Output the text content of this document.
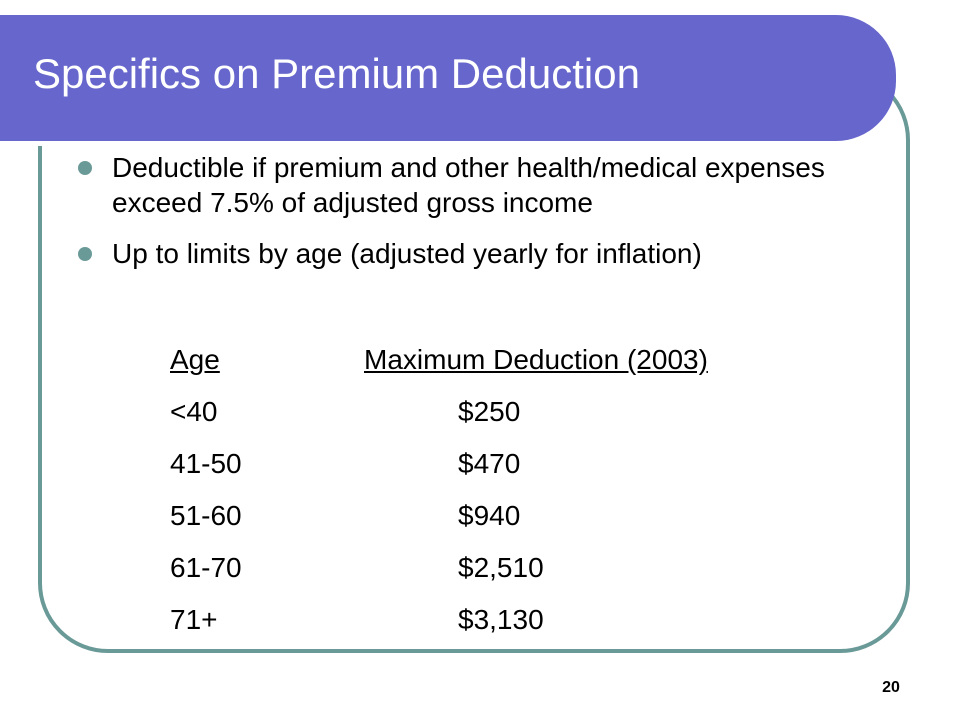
Specifics on Premium Deduction
Deductible if premium and other health/medical expenses exceed 7.5% of adjusted gross income
Up to limits by age (adjusted yearly for inflation)
Age	Maximum Deduction (2003)
<40	$250
41-50	$470
51-60	$940
61-70	$2,510
71+	$3,130
20
